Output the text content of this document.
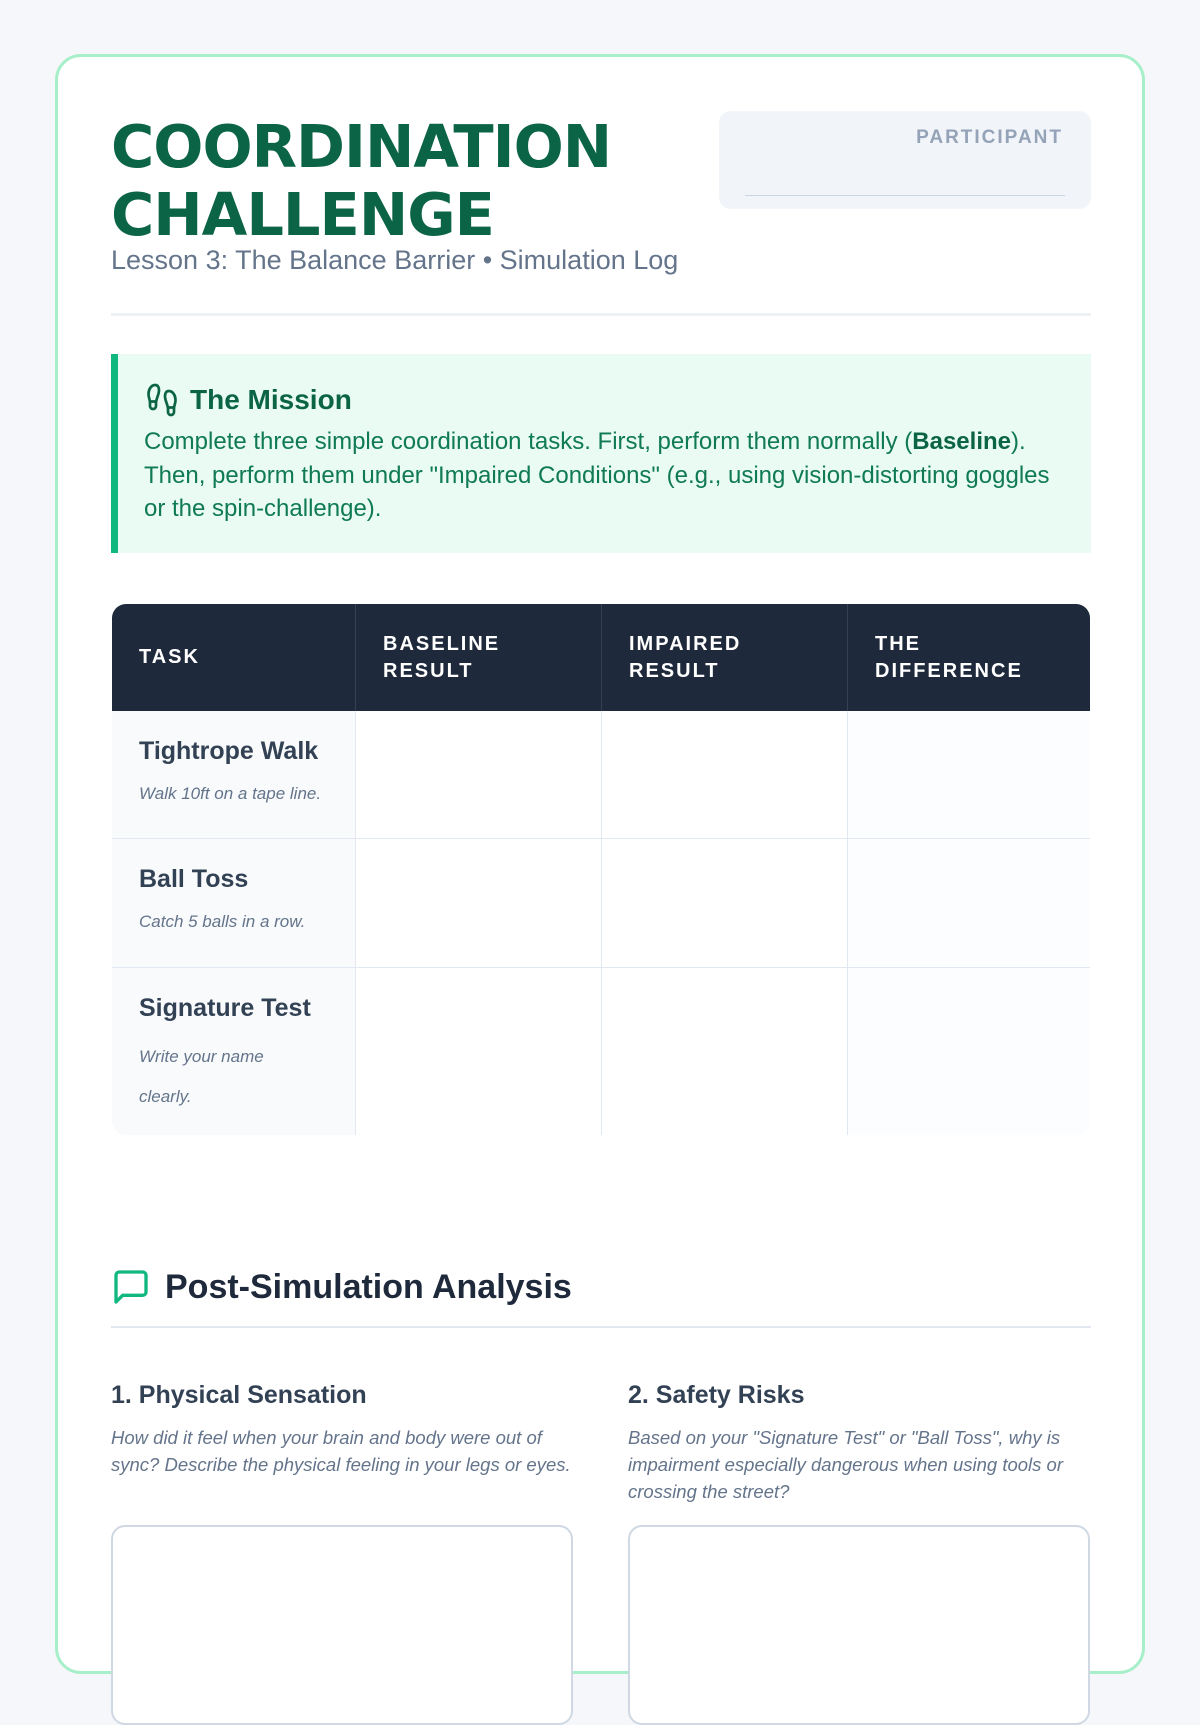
COORDINATION
CHALLENGE
Lesson 3: The Balance Barrier • Simulation Log
PARTICIPANT
The Mission
Complete three simple coordination tasks. First, perform them normally (Baseline). Then, perform them under "Impaired Conditions" (e.g., using vision-distorting goggles or the spin-challenge).
TASK
BASELINE RESULT
IMPAIRED RESULT
THE DIFFERENCE
Tightrope Walk
Walk 10ft on a tape line.
Ball Toss
Catch 5 balls in a row.
Signature Test
Write your name clearly.
Post-Simulation Analysis
1. Physical Sensation
How did it feel when your brain and body were out of sync? Describe the physical feeling in your legs or eyes.
2. Safety Risks
Based on your "Signature Test" or "Ball Toss", why is impairment especially dangerous when using tools or crossing the street?
